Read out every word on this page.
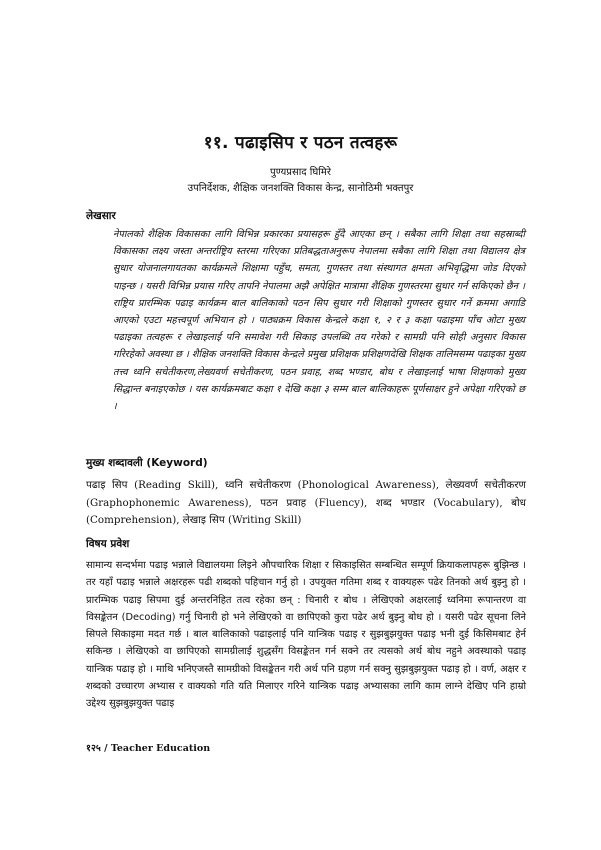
११. पढाइसिप र पठन तत्वहरू
पुण्यप्रसाद घिमिरे
उपनिर्देशक, शैक्षिक जनशक्ति विकास केन्द्र, सानोठिमी भक्तपुर
लेखसार
नेपालको शैक्षिक विकासका लागि विभिन्न प्रकारका प्रयासहरू हुँदै आएका छन् । सबैका लागि शिक्षा तथा सहस्राब्दी विकासका लक्ष्य जस्ता अन्तर्राष्ट्रिय स्तरमा गरिएका प्रतिबद्धताअनुरूप नेपालमा सबैका लागि शिक्षा तथा विद्यालय क्षेत्र सुधार योजनालगायतका कार्यक्रमले शिक्षामा पहुँच, समता, गुणस्तर तथा संस्थागत क्षमता अभिवृद्धिमा जोड दिएको पाइन्छ । यसरी विभिन्न प्रयास गरिए तापनि नेपालमा अझै अपेक्षित मात्रामा शैक्षिक गुणस्तरमा सुधार गर्न सकिएको छैन । राष्ट्रिय प्रारम्भिक पढाइ कार्यक्रम बाल बालिकाको पठन सिप सुधार गरी शिक्षाको गुणस्तर सुधार गर्ने क्रममा अगाडि आएको एउटा महत्त्वपूर्ण अभियान हो । पाठ्यक्रम विकास केन्द्रले कक्षा १, २ र ३ कक्षा पढाइमा पाँच ओटा मुख्य पढाइका तत्वहरू र लेखाइलाई पनि समावेश गरी सिकाइ उपलब्धि तय गरेको र सामग्री पनि सोही अनुसार विकास गरिरहेको अवस्था छ । शैक्षिक जनशक्ति विकास केन्द्रले प्रमुख प्रशिक्षक प्रशिक्षणदेखि शिक्षक तालिमसम्म पढाइका मुख्य तत्त्व ध्वनि सचेतीकरण,लेख्यवर्ण सचेतीकरण, पठन प्रवाह, शब्द भण्डार, बोध र लेखाइलाई भाषा शिक्षणको मुख्य सिद्धान्त बनाइएकोछ । यस कार्यक्रमबाट कक्षा १ देखि कक्षा ३ सम्म बाल बालिकाहरू पूर्णसाक्षर हुने अपेक्षा गरिएको छ ।
मुख्य शब्दावली (Keyword)
पढाइ सिप (Reading Skill), ध्वनि सचेतीकरण (Phonological Awareness), लेख्यवर्ण सचेतीकरण (Graphophonemic Awareness), पठन प्रवाह (Fluency), शब्द भण्डार (Vocabulary), बोध (Comprehension), लेखाइ सिप (Writing Skill)
विषय प्रवेश
सामान्य सन्दर्भमा पढाइ भन्नाले विद्यालयमा लिइने औपचारिक शिक्षा र सिकाइसित सम्बन्धित सम्पूर्ण क्रियाकलापहरू बुझिन्छ । तर यहाँ पढाइ भन्नाले अक्षरहरू पढी शब्दको पहिचान गर्नु हो । उपयुक्त गतिमा शब्द र वाक्यहरू पढेर तिनको अर्थ बुझ्नु हो । प्रारम्भिक पढाइ सिपमा दुई अन्तरनिहित तत्व रहेका छन् : चिनारी र बोध । लेखिएको अक्षरलाई ध्वनिमा रूपान्तरण वा विसङ्केतन (Decoding) गर्नु चिनारी हो भने लेखिएको वा छापिएको कुरा पढेर अर्थ बुझ्नु बोध हो । यसरी पढेर सूचना लिने सिपले सिकाइमा मदत गर्छ । बाल बालिकाको पढाइलाई पनि यान्त्रिक पढाइ र सुझबुझयुक्त पढाइ भनी दुई किसिमबाट हेर्न सकिन्छ । लेखिएको वा छापिएको सामग्रीलाई शुद्धसँग विसङ्केतन गर्न सक्ने तर त्यसको अर्थ बोध नहुने अवस्थाको पढाइ यान्त्रिक पढाइ हो । माथि भनिएजस्तै सामग्रीको विसङ्केतन गरी अर्थ पनि ग्रहण गर्न सक्नु सुझबुझयुक्त पढाइ हो । वर्ण, अक्षर र शब्दको उच्चारण अभ्यास र वाक्यको गति यति मिलाएर गरिने यान्त्रिक पढाइ अभ्यासका लागि काम लाग्ने देखिए पनि हाम्रो उद्देश्य सुझबुझयुक्त पढाइ
१२५ / Teacher Education
